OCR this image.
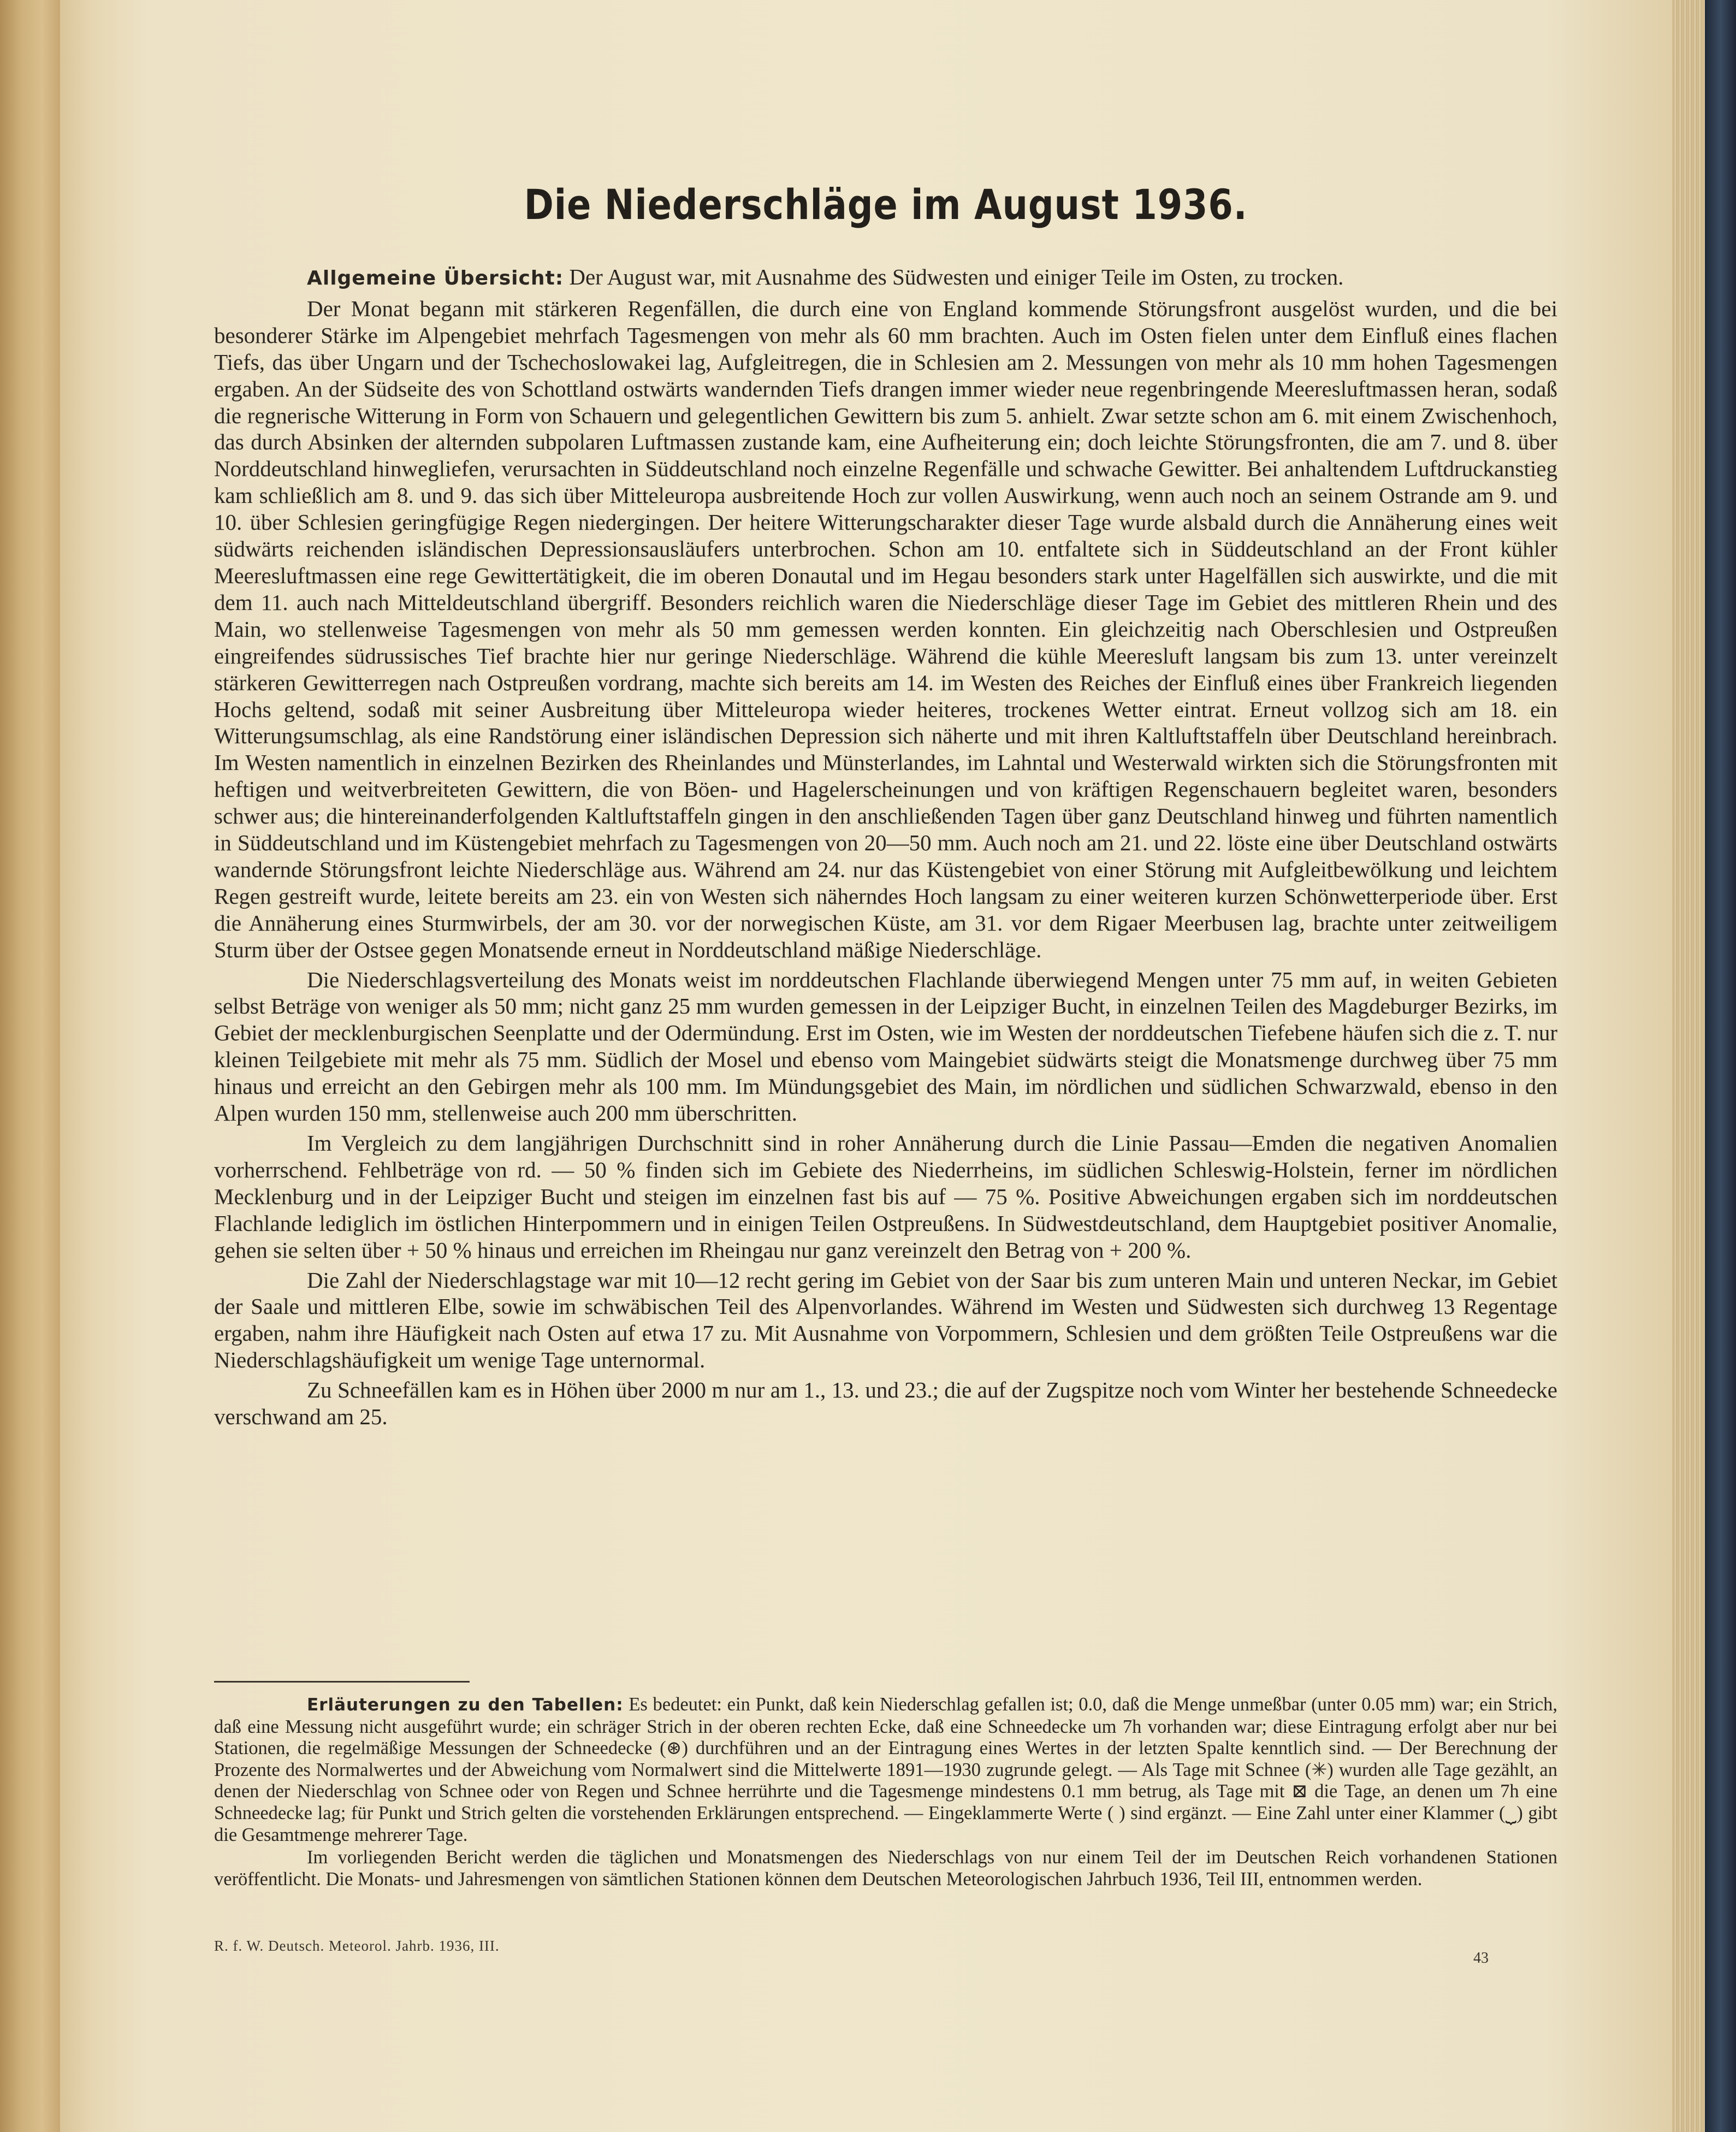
Die Niederschläge im August 1936.

Allgemeine Übersicht: Der August war, mit Ausnahme des Südwesten und einiger Teile im Osten, zu trocken.

Der Monat begann mit stärkeren Regenfällen, die durch eine von England kommende Störungsfront ausgelöst wurden, und die bei besonderer Stärke im Alpengebiet mehrfach Tagesmengen von mehr als 60 mm brachten. Auch im Osten fielen unter dem Einfluß eines flachen Tiefs, das über Ungarn und der Tschechoslowakei lag, Aufgleitregen, die in Schlesien am 2. Messungen von mehr als 10 mm hohen Tagesmengen ergaben. An der Südseite des von Schottland ostwärts wandernden Tiefs drangen immer wieder neue regenbringende Meeresluftmassen heran, sodaß die regnerische Witterung in Form von Schauern und gelegentlichen Gewittern bis zum 5. anhielt. Zwar setzte schon am 6. mit einem Zwischenhoch, das durch Absinken der alternden subpolaren Luftmassen zustande kam, eine Aufheiterung ein; doch leichte Störungsfronten, die am 7. und 8. über Norddeutschland hinwegliefen, verursachten in Süddeutschland noch einzelne Regenfälle und schwache Gewitter. Bei anhaltendem Luftdruckanstieg kam schließlich am 8. und 9. das sich über Mitteleuropa ausbreitende Hoch zur vollen Auswirkung, wenn auch noch an seinem Ostrande am 9. und 10. über Schlesien geringfügige Regen niedergingen. Der heitere Witterungscharakter dieser Tage wurde alsbald durch die Annäherung eines weit südwärts reichenden isländischen Depressionsausläufers unterbrochen. Schon am 10. entfaltete sich in Süddeutschland an der Front kühler Meeresluftmassen eine rege Gewittertätigkeit, die im oberen Donautal und im Hegau besonders stark unter Hagelfällen sich auswirkte, und die mit dem 11. auch nach Mitteldeutschland übergriff. Besonders reichlich waren die Niederschläge dieser Tage im Gebiet des mittleren Rhein und des Main, wo stellenweise Tagesmengen von mehr als 50 mm gemessen werden konnten. Ein gleichzeitig nach Oberschlesien und Ostpreußen eingreifendes südrussisches Tief brachte hier nur geringe Niederschläge. Während die kühle Meeresluft langsam bis zum 13. unter vereinzelt stärkeren Gewitterregen nach Ostpreußen vordrang, machte sich bereits am 14. im Westen des Reiches der Einfluß eines über Frankreich liegenden Hochs geltend, sodaß mit seiner Ausbreitung über Mitteleuropa wieder heiteres, trockenes Wetter eintrat. Erneut vollzog sich am 18. ein Witterungsumschlag, als eine Randstörung einer isländischen Depression sich näherte und mit ihren Kaltluftstaffeln über Deutschland hereinbrach. Im Westen namentlich in einzelnen Bezirken des Rheinlandes und Münsterlandes, im Lahntal und Westerwald wirkten sich die Störungsfronten mit heftigen und weitverbreiteten Gewittern, die von Böen- und Hagelerscheinungen und von kräftigen Regenschauern begleitet waren, besonders schwer aus; die hintereinanderfolgenden Kaltluftstaffeln gingen in den anschließenden Tagen über ganz Deutschland hinweg und führten namentlich in Süddeutschland und im Küstengebiet mehrfach zu Tagesmengen von 20—50 mm. Auch noch am 21. und 22. löste eine über Deutschland ostwärts wandernde Störungsfront leichte Niederschläge aus. Während am 24. nur das Küstengebiet von einer Störung mit Aufgleitbewölkung und leichtem Regen gestreift wurde, leitete bereits am 23. ein von Westen sich näherndes Hoch langsam zu einer weiteren kurzen Schönwetterperiode über. Erst die Annäherung eines Sturmwirbels, der am 30. vor der norwegischen Küste, am 31. vor dem Rigaer Meerbusen lag, brachte unter zeitweiligem Sturm über der Ostsee gegen Monatsende erneut in Norddeutschland mäßige Niederschläge.

Die Niederschlagsverteilung des Monats weist im norddeutschen Flachlande überwiegend Mengen unter 75 mm auf, in weiten Gebieten selbst Beträge von weniger als 50 mm; nicht ganz 25 mm wurden gemessen in der Leipziger Bucht, in einzelnen Teilen des Magdeburger Bezirks, im Gebiet der mecklenburgischen Seenplatte und der Odermündung. Erst im Osten, wie im Westen der norddeutschen Tiefebene häufen sich die z. T. nur kleinen Teilgebiete mit mehr als 75 mm. Südlich der Mosel und ebenso vom Maingebiet südwärts steigt die Monatsmenge durchweg über 75 mm hinaus und erreicht an den Gebirgen mehr als 100 mm. Im Mündungsgebiet des Main, im nördlichen und südlichen Schwarzwald, ebenso in den Alpen wurden 150 mm, stellenweise auch 200 mm überschritten.

Im Vergleich zu dem langjährigen Durchschnitt sind in roher Annäherung durch die Linie Passau—Emden die negativen Anomalien vorherrschend. Fehlbeträge von rd. — 50 % finden sich im Gebiete des Niederrheins, im südlichen Schleswig-Holstein, ferner im nördlichen Mecklenburg und in der Leipziger Bucht und steigen im einzelnen fast bis auf — 75 %. Positive Abweichungen ergaben sich im norddeutschen Flachlande lediglich im östlichen Hinterpommern und in einigen Teilen Ostpreußens. In Südwestdeutschland, dem Hauptgebiet positiver Anomalie, gehen sie selten über + 50 % hinaus und erreichen im Rheingau nur ganz vereinzelt den Betrag von + 200 %.

Die Zahl der Niederschlagstage war mit 10—12 recht gering im Gebiet von der Saar bis zum unteren Main und unteren Neckar, im Gebiet der Saale und mittleren Elbe, sowie im schwäbischen Teil des Alpenvorlandes. Während im Westen und Südwesten sich durchweg 13 Regentage ergaben, nahm ihre Häufigkeit nach Osten auf etwa 17 zu. Mit Ausnahme von Vorpommern, Schlesien und dem größten Teile Ostpreußens war die Niederschlagshäufigkeit um wenige Tage unternormal.

Zu Schneefällen kam es in Höhen über 2000 m nur am 1., 13. und 23.; die auf der Zugspitze noch vom Winter her bestehende Schneedecke verschwand am 25.

Erläuterungen zu den Tabellen: Es bedeutet: ein Punkt, daß kein Niederschlag gefallen ist; 0.0, daß die Menge unmeßbar (unter 0.05 mm) war; ein Strich, daß eine Messung nicht ausgeführt wurde; ein schräger Strich in der oberen rechten Ecke, daß eine Schneedecke um 7h vorhanden war; diese Eintragung erfolgt aber nur bei Stationen, die regelmäßige Messungen der Schneedecke (⊛) durchführen und an der Eintragung eines Wertes in der letzten Spalte kenntlich sind. — Der Berechnung der Prozente des Normalwertes und der Abweichung vom Normalwert sind die Mittelwerte 1891—1930 zugrunde gelegt. — Als Tage mit Schnee (✳) wurden alle Tage gezählt, an denen der Niederschlag von Schnee oder von Regen und Schnee herrührte und die Tagesmenge mindestens 0.1 mm betrug, als Tage mit ⊠ die Tage, an denen um 7h eine Schneedecke lag; für Punkt und Strich gelten die vorstehenden Erklärungen entsprechend. — Eingeklammerte Werte ( ) sind ergänzt. — Eine Zahl unter einer Klammer (⏟) gibt die Gesamtmenge mehrerer Tage.

Im vorliegenden Bericht werden die täglichen und Monatsmengen des Niederschlags von nur einem Teil der im Deutschen Reich vorhandenen Stationen veröffentlicht. Die Monats- und Jahresmengen von sämtlichen Stationen können dem Deutschen Meteorologischen Jahrbuch 1936, Teil III, entnommen werden.

R. f. W. Deutsch. Meteorol. Jahrb. 1936, III.
43
